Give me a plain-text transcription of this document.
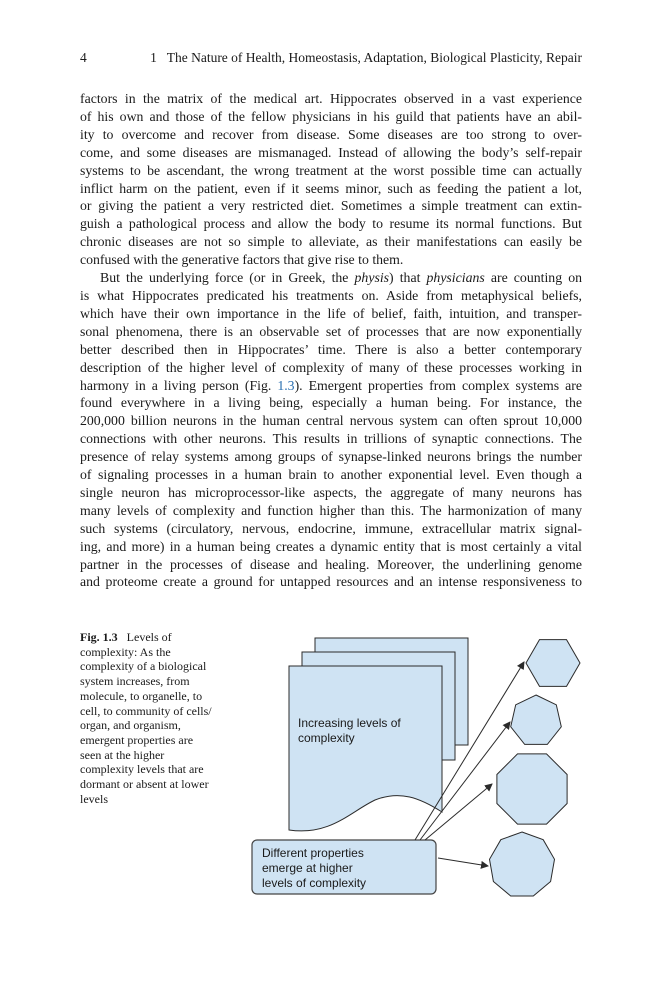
4	1   The Nature of Health, Homeostasis, Adaptation, Biological Plasticity, Repair

factors in the matrix of the medical art. Hippocrates observed in a vast experience
of his own and those of the fellow physicians in his guild that patients have an abil-
ity to overcome and recover from disease. Some diseases are too strong to over-
come, and some diseases are mismanaged. Instead of allowing the body’s self-repair
systems to be ascendant, the wrong treatment at the worst possible time can actually
inflict harm on the patient, even if it seems minor, such as feeding the patient a lot,
or giving the patient a very restricted diet. Sometimes a simple treatment can extin-
guish a pathological process and allow the body to resume its normal functions. But
chronic diseases are not so simple to alleviate, as their manifestations can easily be
confused with the generative factors that give rise to them.

But the underlying force (or in Greek, the physis) that physicians are counting on
is what Hippocrates predicated his treatments on. Aside from metaphysical beliefs,
which have their own importance in the life of belief, faith, intuition, and transper-
sonal phenomena, there is an observable set of processes that are now exponentially
better described then in Hippocrates’ time. There is also a better contemporary
description of the higher level of complexity of many of these processes working in
harmony in a living person (Fig. 1.3). Emergent properties from complex systems are
found everywhere in a living being, especially a human being. For instance, the
200,000 billion neurons in the human central nervous system can often sprout 10,000
connections with other neurons. This results in trillions of synaptic connections. The
presence of relay systems among groups of synapse-linked neurons brings the number
of signaling processes in a human brain to another exponential level. Even though a
single neuron has microprocessor-like aspects, the aggregate of many neurons has
many levels of complexity and function higher than this. The harmonization of many
such systems (circulatory, nervous, endocrine, immune, extracellular matrix signal-
ing, and more) in a human being creates a dynamic entity that is most certainly a vital
partner in the processes of disease and healing. Moreover, the underlining genome
and proteome create a ground for untapped resources and an intense responsiveness to

Fig. 1.3 Levels of
complexity: As the
complexity of a biological
system increases, from
molecule, to organelle, to
cell, to community of cells/
organ, and organism,
emergent properties are
seen at the higher
complexity levels that are
dormant or absent at lower
levels
Increasing levels of
complexity
Different properties
emerge at higher
levels of complexity
